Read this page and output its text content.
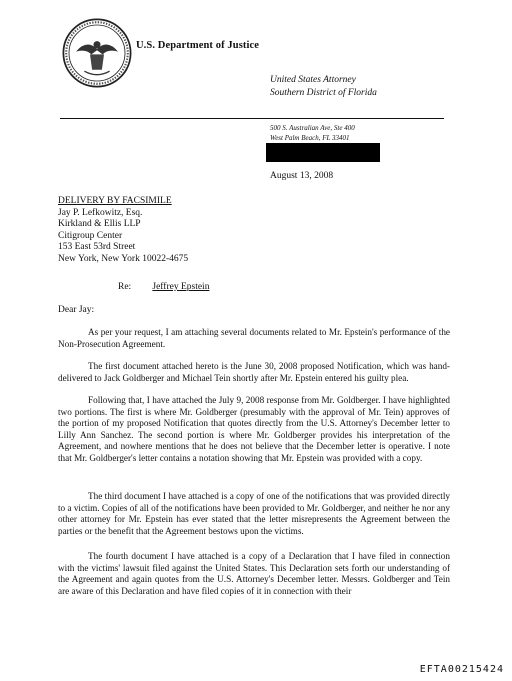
U.S. Department of Justice
United States Attorney
Southern District of Florida
500 S. Australian Ave, Ste 400
West Palm Beach, FL 33401
August 13, 2008
DELIVERY BY FACSIMILE
Jay P. Lefkowitz, Esq.
Kirkland & Ellis LLP
Citigroup Center
153 East 53rd Street
New York, New York 10022-4675
Re: Jeffrey Epstein
Dear Jay:

As per your request, I am attaching several documents related to Mr. Epstein's performance of the Non-Prosecution Agreement.

The first document attached hereto is the June 30, 2008 proposed Notification, which was hand-delivered to Jack Goldberger and Michael Tein shortly after Mr. Epstein entered his guilty plea.

Following that, I have attached the July 9, 2008 response from Mr. Goldberger. I have highlighted two portions. The first is where Mr. Goldberger (presumably with the approval of Mr. Tein) approves of the portion of my proposed Notification that quotes directly from the U.S. Attorney's December letter to Lilly Ann Sanchez. The second portion is where Mr. Goldberger provides his interpretation of the Agreement, and nowhere mentions that he does not believe that the December letter is operative. I note that Mr. Goldberger's letter contains a notation showing that Mr. Epstein was provided with a copy.

The third document I have attached is a copy of one of the notifications that was provided directly to a victim. Copies of all of the notifications have been provided to Mr. Goldberger, and neither he nor any other attorney for Mr. Epstein has ever stated that the letter misrepresents the Agreement between the parties or the benefit that the Agreement bestows upon the victims.

The fourth document I have attached is a copy of a Declaration that I have filed in connection with the victims' lawsuit filed against the United States. This Declaration sets forth our understanding of the Agreement and again quotes from the U.S. Attorney's December letter. Messrs. Goldberger and Tein are aware of this Declaration and have filed copies of it in connection with their

EFTA00215424
